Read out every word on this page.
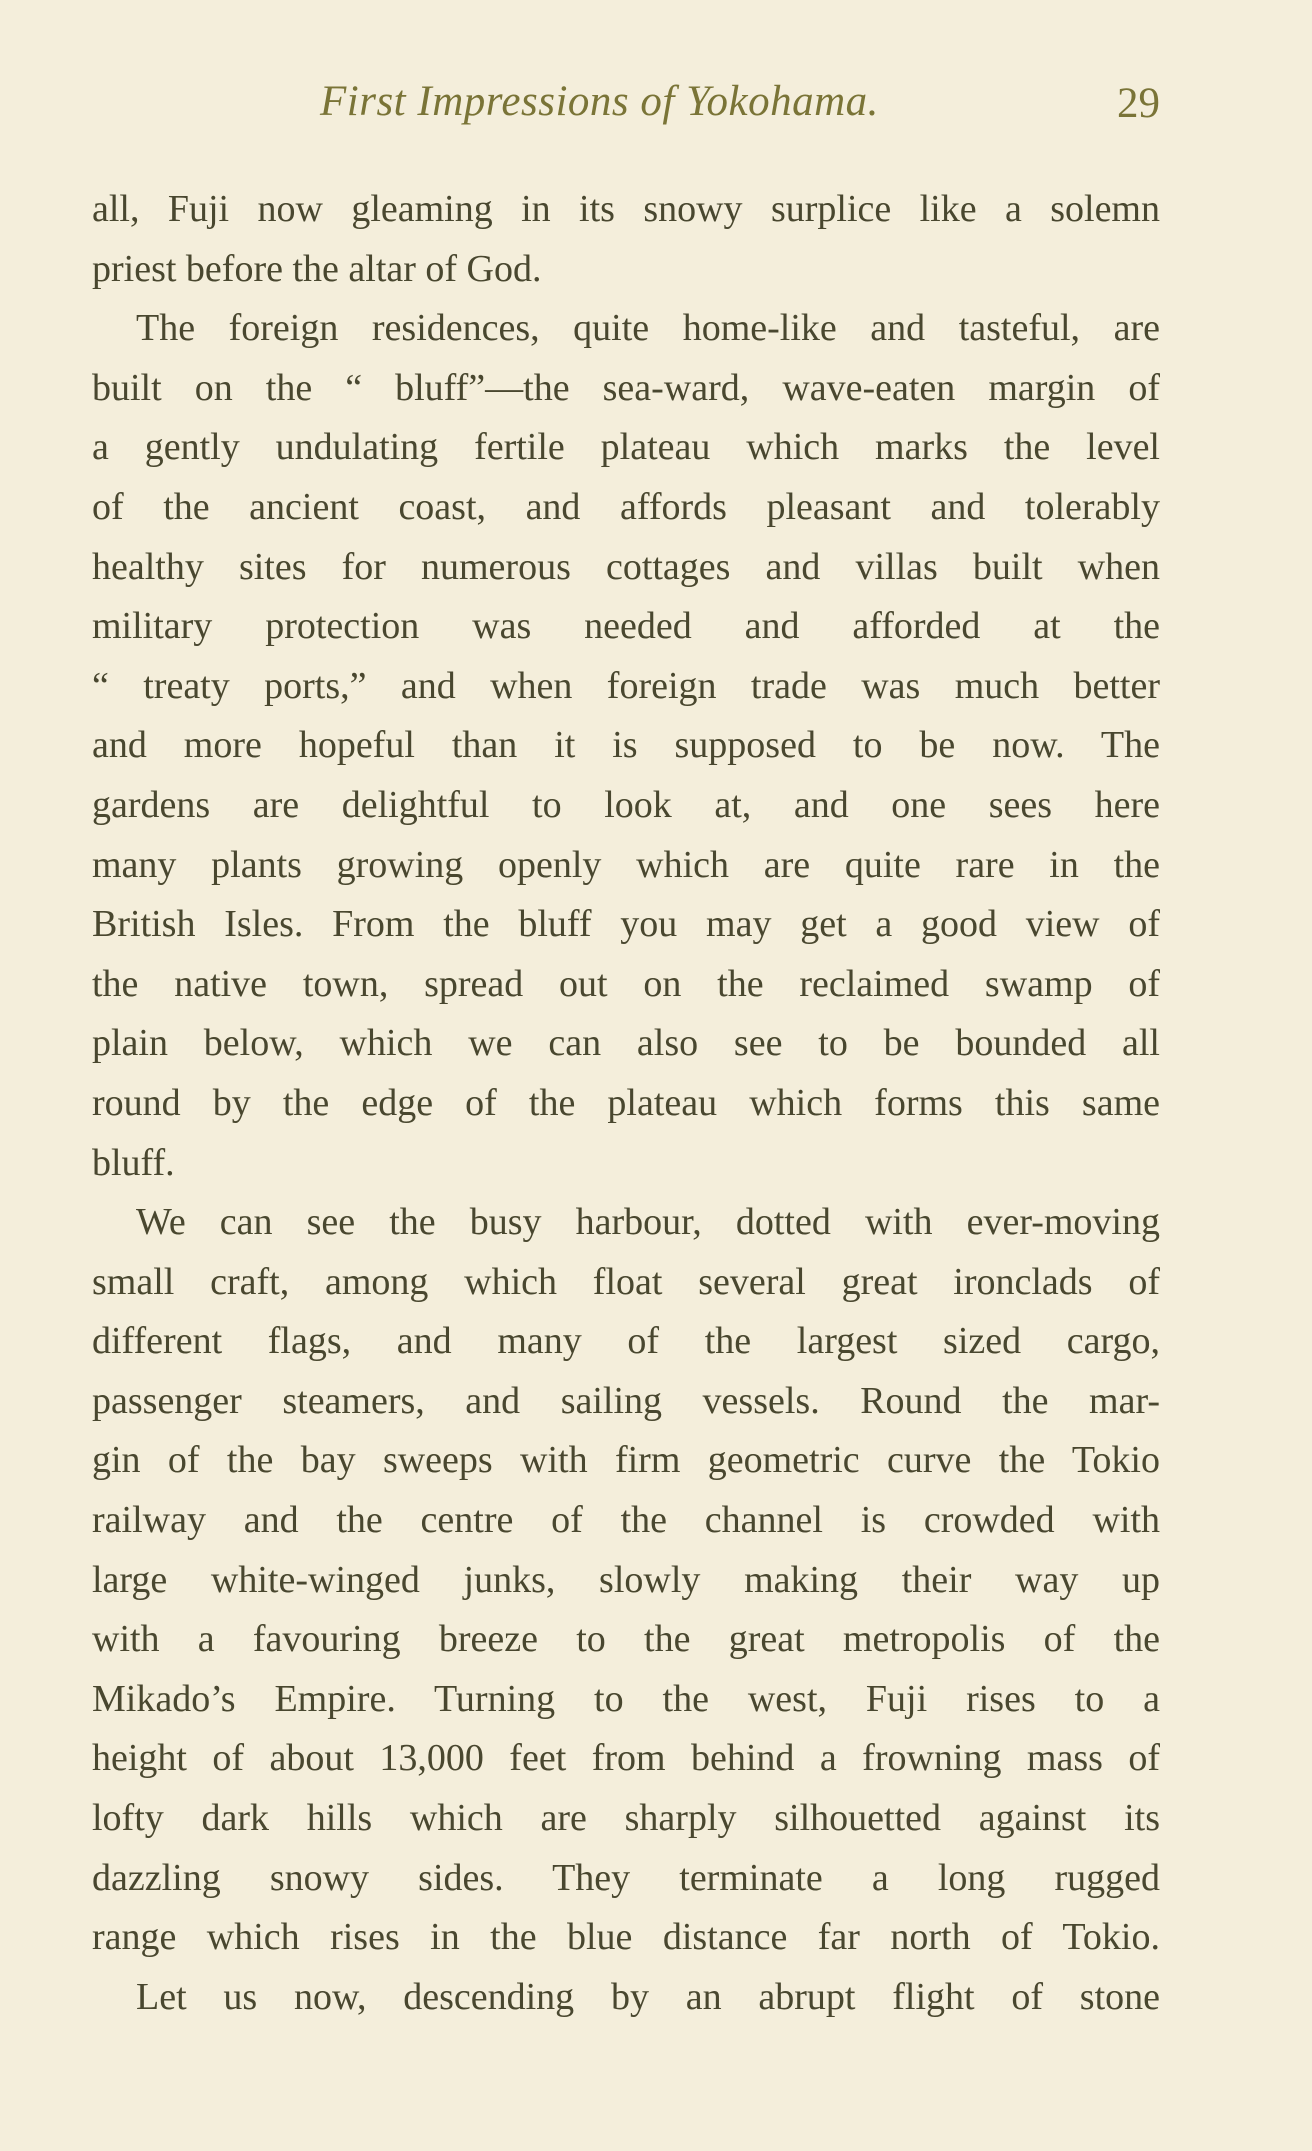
First Impressions of Yokohama.	29
all, Fuji now gleaming in its snowy surplice like a solemn
priest before the altar of God.
The foreign residences, quite home-like and tasteful, are
built on the “ bluff”—the sea-ward, wave-eaten margin of
a gently undulating fertile plateau which marks the level
of the ancient coast, and affords pleasant and tolerably
healthy sites for numerous cottages and villas built when
military protection was needed and afforded at the
“ treaty ports,” and when foreign trade was much better
and more hopeful than it is supposed to be now. The
gardens are delightful to look at, and one sees here
many plants growing openly which are quite rare in the
British Isles. From the bluff you may get a good view of
the native town, spread out on the reclaimed swamp of
plain below, which we can also see to be bounded all
round by the edge of the plateau which forms this same
bluff.
We can see the busy harbour, dotted with ever-moving
small craft, among which float several great ironclads of
different flags, and many of the largest sized cargo,
passenger steamers, and sailing vessels. Round the mar-
gin of the bay sweeps with firm geometric curve the Tokio
railway and the centre of the channel is crowded with
large white-winged junks, slowly making their way up
with a favouring breeze to the great metropolis of the
Mikado’s Empire. Turning to the west, Fuji rises to a
height of about 13,000 feet from behind a frowning mass of
lofty dark hills which are sharply silhouetted against its
dazzling snowy sides. They terminate a long rugged
range which rises in the blue distance far north of Tokio.
Let us now, descending by an abrupt flight of stone
